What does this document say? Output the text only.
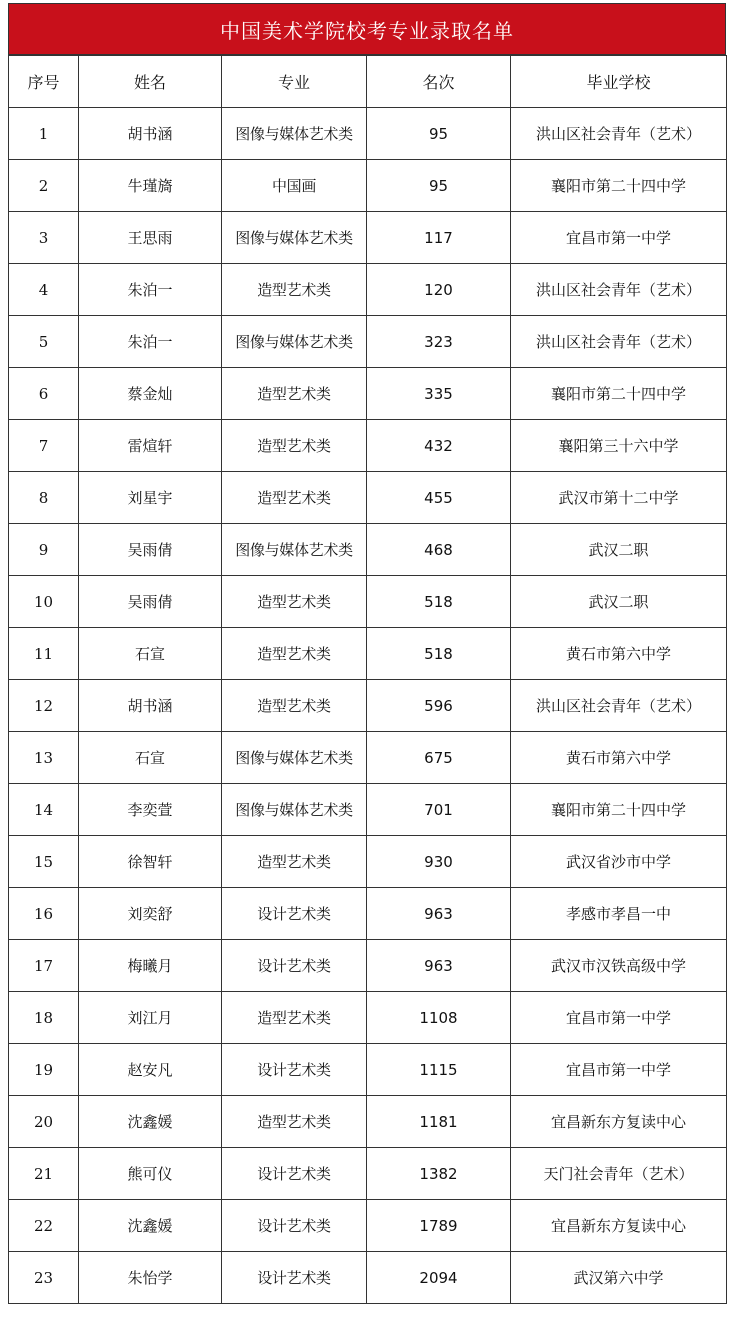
中国美术学院校考专业录取名单
序号	姓名	专业	名次	毕业学校
1	胡书涵	图像与媒体艺术类	95	洪山区社会青年（艺术）
2	牛瑾旖	中国画	95	襄阳市第二十四中学
3	王思雨	图像与媒体艺术类	117	宜昌市第一中学
4	朱泊一	造型艺术类	120	洪山区社会青年（艺术）
5	朱泊一	图像与媒体艺术类	323	洪山区社会青年（艺术）
6	蔡金灿	造型艺术类	335	襄阳市第二十四中学
7	雷煊轩	造型艺术类	432	襄阳第三十六中学
8	刘星宇	造型艺术类	455	武汉市第十二中学
9	吴雨倩	图像与媒体艺术类	468	武汉二职
10	吴雨倩	造型艺术类	518	武汉二职
11	石宣	造型艺术类	518	黄石市第六中学
12	胡书涵	造型艺术类	596	洪山区社会青年（艺术）
13	石宣	图像与媒体艺术类	675	黄石市第六中学
14	李奕萱	图像与媒体艺术类	701	襄阳市第二十四中学
15	徐智轩	造型艺术类	930	武汉省沙市中学
16	刘奕舒	设计艺术类	963	孝感市孝昌一中
17	梅曦月	设计艺术类	963	武汉市汉铁高级中学
18	刘江月	造型艺术类	1108	宜昌市第一中学
19	赵安凡	设计艺术类	1115	宜昌市第一中学
20	沈鑫媛	造型艺术类	1181	宜昌新东方复读中心
21	熊可仪	设计艺术类	1382	天门社会青年（艺术）
22	沈鑫媛	设计艺术类	1789	宜昌新东方复读中心
23	朱怡学	设计艺术类	2094	武汉第六中学
